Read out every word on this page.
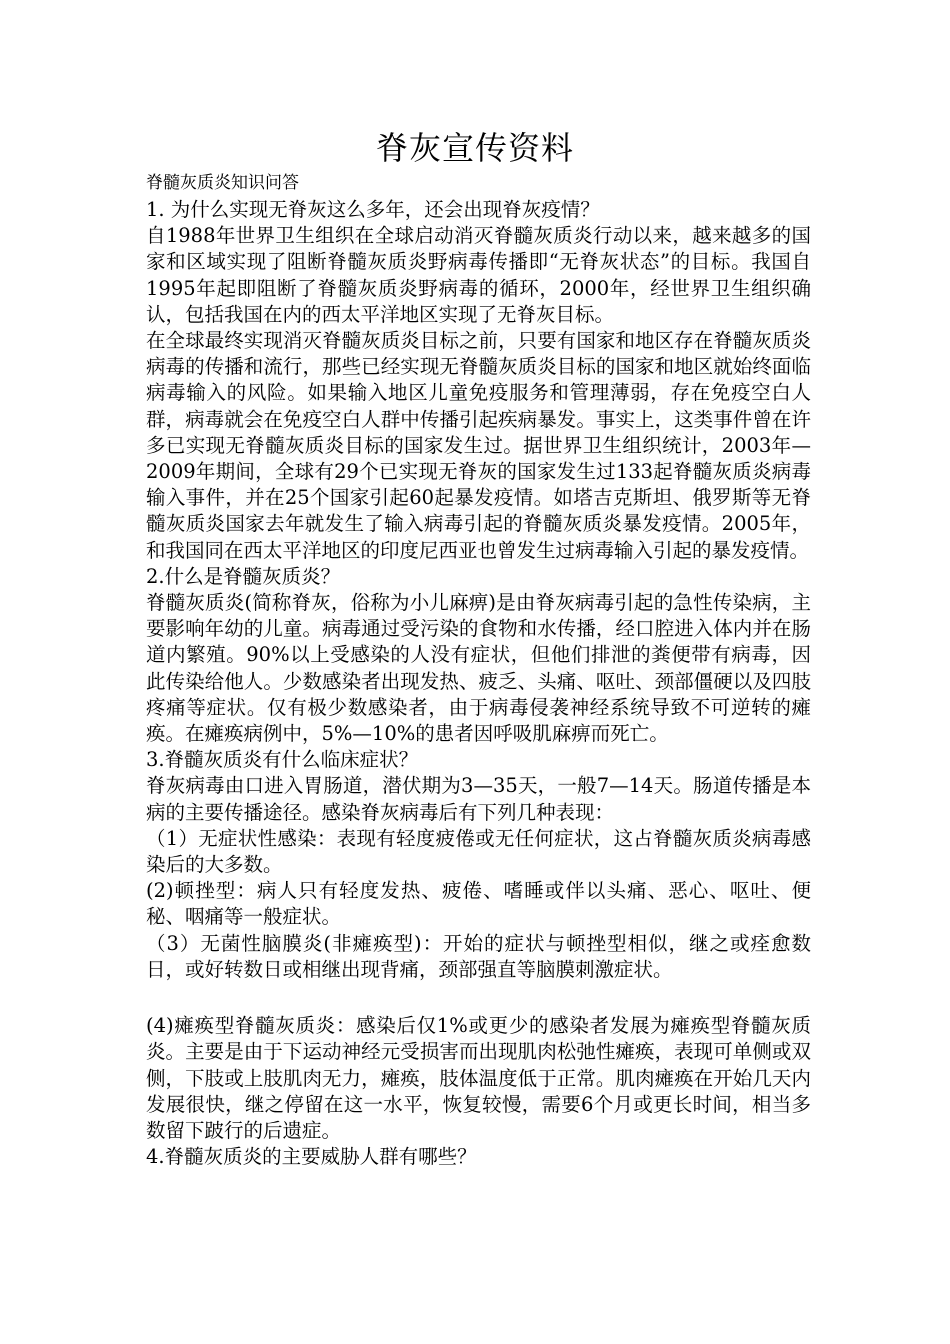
脊灰宣传资料

脊髓灰质炎知识问答

1. 为什么实现无脊灰这么多年，还会出现脊灰疫情？

自1988年世界卫生组织在全球启动消灭脊髓灰质炎行动以来，越来越多的国家和区域实现了阻断脊髓灰质炎野病毒传播即“无脊灰状态”的目标。我国自1995年起即阻断了脊髓灰质炎野病毒的循环，2000年，经世界卫生组织确认，包括我国在内的西太平洋地区实现了无脊灰目标。

在全球最终实现消灭脊髓灰质炎目标之前，只要有国家和地区存在脊髓灰质炎病毒的传播和流行，那些已经实现无脊髓灰质炎目标的国家和地区就始终面临病毒输入的风险。如果输入地区儿童免疫服务和管理薄弱，存在免疫空白人群，病毒就会在免疫空白人群中传播引起疾病暴发。事实上，这类事件曾在许多已实现无脊髓灰质炎目标的国家发生过。据世界卫生组织统计，2003年—2009年期间，全球有29个已实现无脊灰的国家发生过133起脊髓灰质炎病毒输入事件，并在25个国家引起60起暴发疫情。如塔吉克斯坦、俄罗斯等无脊髓灰质炎国家去年就发生了输入病毒引起的脊髓灰质炎暴发疫情。2005年，和我国同在西太平洋地区的印度尼西亚也曾发生过病毒输入引起的暴发疫情。

2.什么是脊髓灰质炎？

脊髓灰质炎(简称脊灰，俗称为小儿麻痹)是由脊灰病毒引起的急性传染病，主要影响年幼的儿童。病毒通过受污染的食物和水传播，经口腔进入体内并在肠道内繁殖。90%以上受感染的人没有症状，但他们排泄的粪便带有病毒，因此传染给他人。少数感染者出现发热、疲乏、头痛、呕吐、颈部僵硬以及四肢疼痛等症状。仅有极少数感染者，由于病毒侵袭神经系统导致不可逆转的瘫痪。在瘫痪病例中，5%—10%的患者因呼吸肌麻痹而死亡。

3.脊髓灰质炎有什么临床症状？

脊灰病毒由口进入胃肠道，潜伏期为3—35天，一般7—14天。肠道传播是本病的主要传播途径。感染脊灰病毒后有下列几种表现：

（1）无症状性感染：表现有轻度疲倦或无任何症状，这占脊髓灰质炎病毒感染后的大多数。

(2)顿挫型：病人只有轻度发热、疲倦、嗜睡或伴以头痛、恶心、呕吐、便秘、咽痛等一般症状。

（3）无菌性脑膜炎(非瘫痪型)：开始的症状与顿挫型相似，继之或痊愈数日，或好转数日或相继出现背痛，颈部强直等脑膜刺激症状。

(4)瘫痪型脊髓灰质炎：感染后仅1%或更少的感染者发展为瘫痪型脊髓灰质炎。主要是由于下运动神经元受损害而出现肌肉松弛性瘫痪，表现可单侧或双侧，下肢或上肢肌肉无力，瘫痪，肢体温度低于正常。肌肉瘫痪在开始几天内发展很快，继之停留在这一水平，恢复较慢，需要6个月或更长时间，相当多数留下跛行的后遗症。

4.脊髓灰质炎的主要威胁人群有哪些？
